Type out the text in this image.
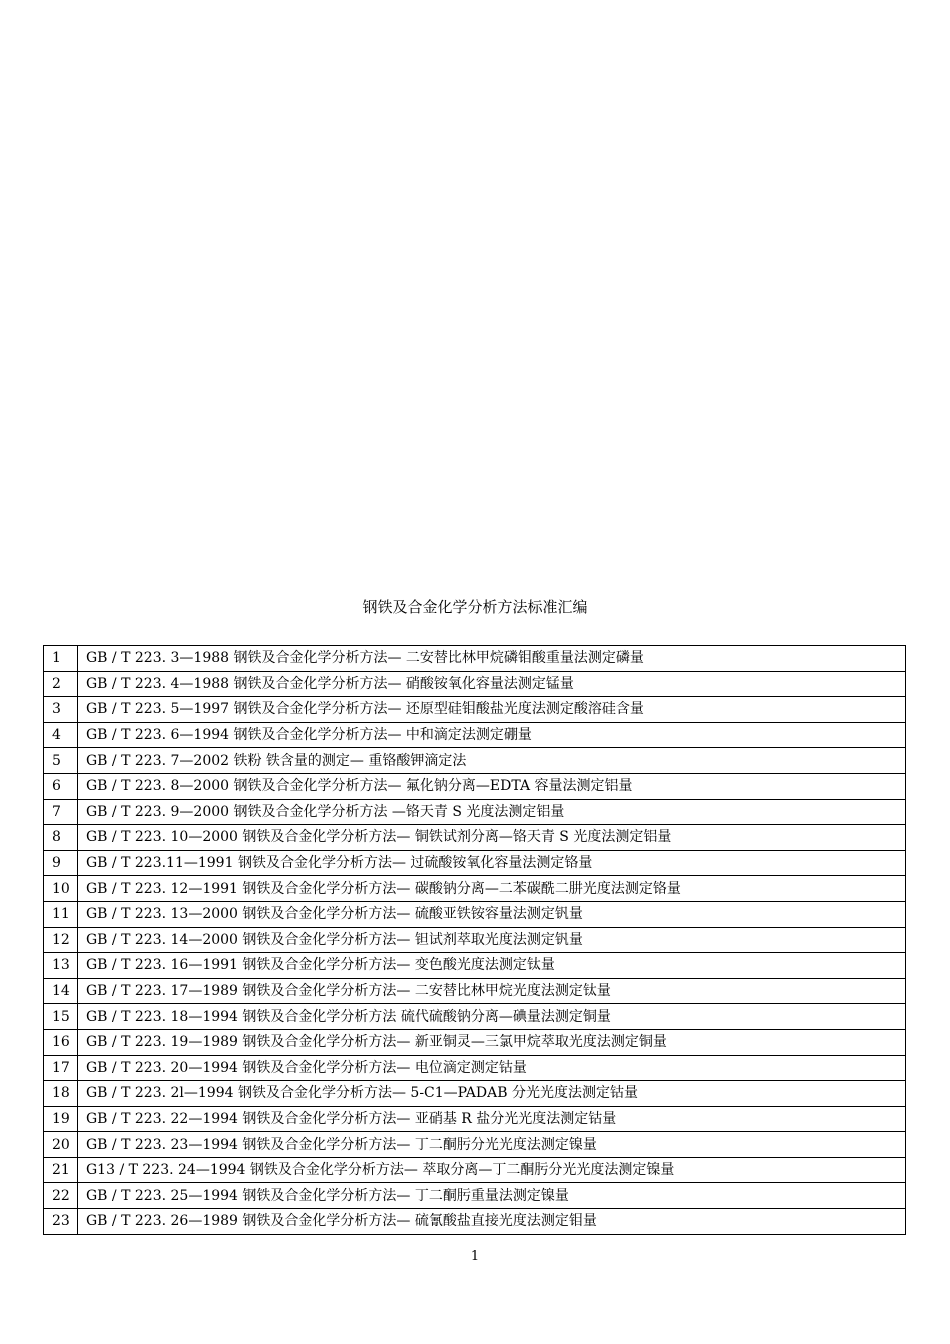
钢铁及合金化学分析方法标准汇编
1	GB / T 223. 3—1988 钢铁及合金化学分析方法— 二安替比林甲烷磷钼酸重量法测定磷量
2	GB / T 223. 4—1988 钢铁及合金化学分析方法— 硝酸铵氧化容量法测定锰量
3	GB / T 223. 5—1997 钢铁及合金化学分析方法— 还原型硅钼酸盐光度法测定酸溶硅含量
4	GB / T 223. 6—1994 钢铁及合金化学分析方法— 中和滴定法测定硼量
5	GB / T 223. 7—2002 铁粉 铁含量的测定— 重铬酸钾滴定法
6	GB / T 223. 8—2000 钢铁及合金化学分析方法— 氟化钠分离—EDTA 容量法测定铝量
7	GB / T 223. 9—2000 钢铁及合金化学分析方法 —铬天青 S 光度法测定铝量
8	GB / T 223. 10—2000 钢铁及合金化学分析方法— 铜铁试剂分离—铬天青 S 光度法测定铝量
9	GB / T 223.11—1991 钢铁及合金化学分析方法— 过硫酸铵氧化容量法测定铬量
10	GB / T 223. 12—1991 钢铁及合金化学分析方法— 碳酸钠分离—二苯碳酰二肼光度法测定铬量
11	GB / T 223. 13—2000 钢铁及合金化学分析方法— 硫酸亚铁铵容量法测定钒量
12	GB / T 223. 14—2000 钢铁及合金化学分析方法— 钽试剂萃取光度法测定钒量
13	GB / T 223. 16—1991 钢铁及合金化学分析方法— 变色酸光度法测定钛量
14	GB / T 223. 17—1989 钢铁及合金化学分析方法— 二安替比林甲烷光度法测定钛量
15	GB / T 223. 18—1994 钢铁及合金化学分析方法 硫代硫酸钠分离—碘量法测定铜量
16	GB / T 223. 19—1989 钢铁及合金化学分析方法— 新亚铜灵—三氯甲烷萃取光度法测定铜量
17	GB / T 223. 20—1994 钢铁及合金化学分析方法— 电位滴定测定钴量
18	GB / T 223. 2l—1994 钢铁及合金化学分析方法— 5-C1—PADAB 分光光度法测定钴量
19	GB / T 223. 22—1994 钢铁及合金化学分析方法— 亚硝基 R 盐分光光度法测定钴量
20	GB / T 223. 23—1994 钢铁及合金化学分析方法— 丁二酮肟分光光度法测定镍量
21	G13 / T 223. 24—1994 钢铁及合金化学分析方法— 萃取分离—丁二酮肟分光光度法测定镍量
22	GB / T 223. 25—1994 钢铁及合金化学分析方法— 丁二酮肟重量法测定镍量
23	GB / T 223. 26—1989 钢铁及合金化学分析方法— 硫氰酸盐直接光度法测定钼量
1
